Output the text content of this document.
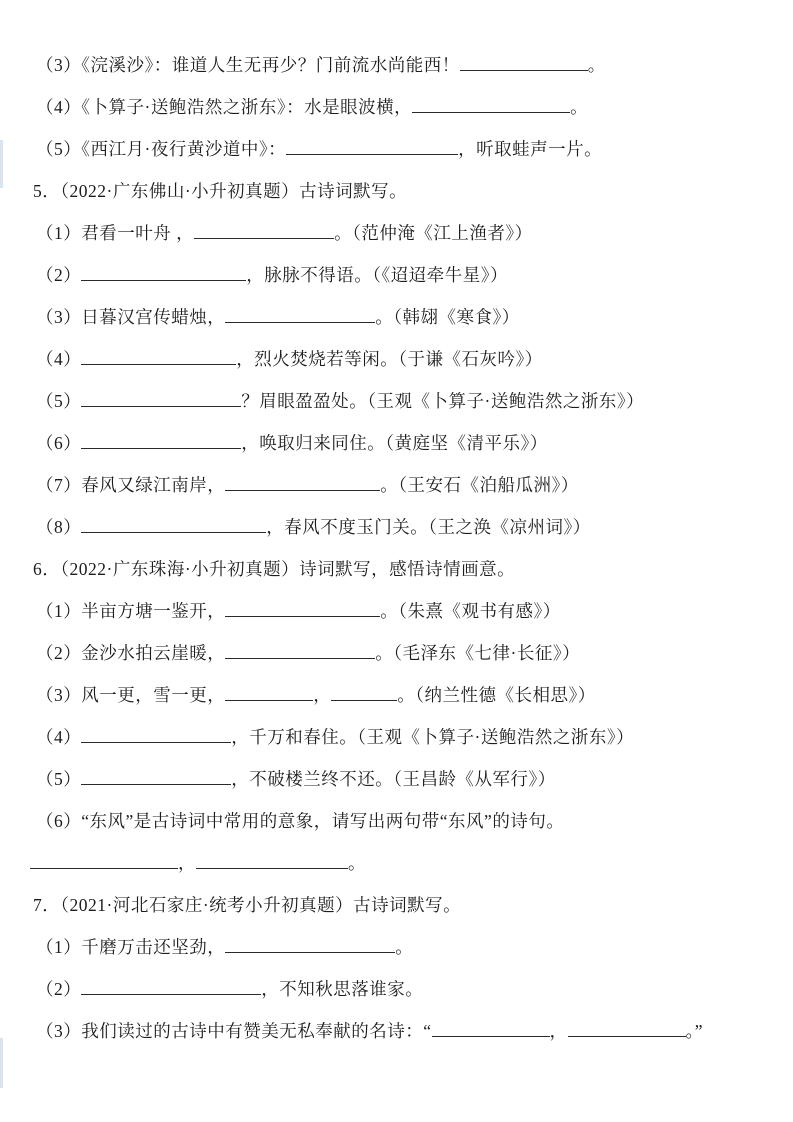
（3）《浣溪沙》：谁道人生无再少？门前流水尚能西！	。
（4）《卜算子·送鲍浩然之浙东》：水是眼波横，	。
（5）《西江月·夜行黄沙道中》：	，听取蛙声一片。
5．（2022·广东佛山·小升初真题）古诗词默写。
（1）君看一叶舟 ，	。（范仲淹《江上渔者》）
（2）	，脉脉不得语。（《迢迢牵牛星》）
（3）日暮汉宫传蜡烛，	。（韩翃《寒食》）
（4）	，烈火焚烧若等闲。（于谦《石灰吟》）
（5）	？眉眼盈盈处。（王观《卜算子·送鲍浩然之浙东》）
（6）	，唤取归来同住。（黄庭坚《清平乐》）
（7）春风又绿江南岸，	。（王安石《泊船瓜洲》）
（8）	，春风不度玉门关。（王之涣《凉州词》）
6．（2022·广东珠海·小升初真题）诗词默写，感悟诗情画意。
（1）半亩方塘一鉴开，	。（朱熹《观书有感》）
（2）金沙水拍云崖暖，	。（毛泽东《七律·长征》）
（3）风一更，雪一更，	，	。（纳兰性德《长相思》）
（4）	，千万和春住。（王观《卜算子·送鲍浩然之浙东》）
（5）	，不破楼兰终不还。（王昌龄《从军行》）
（6）“东风”是古诗词中常用的意象，请写出两句带“东风”的诗句。
，	。
7．（2021·河北石家庄·统考小升初真题）古诗词默写。
（1）千磨万击还坚劲，	。
（2）	，不知秋思落谁家。
（3）我们读过的古诗中有赞美无私奉献的名诗：“	，	。”
